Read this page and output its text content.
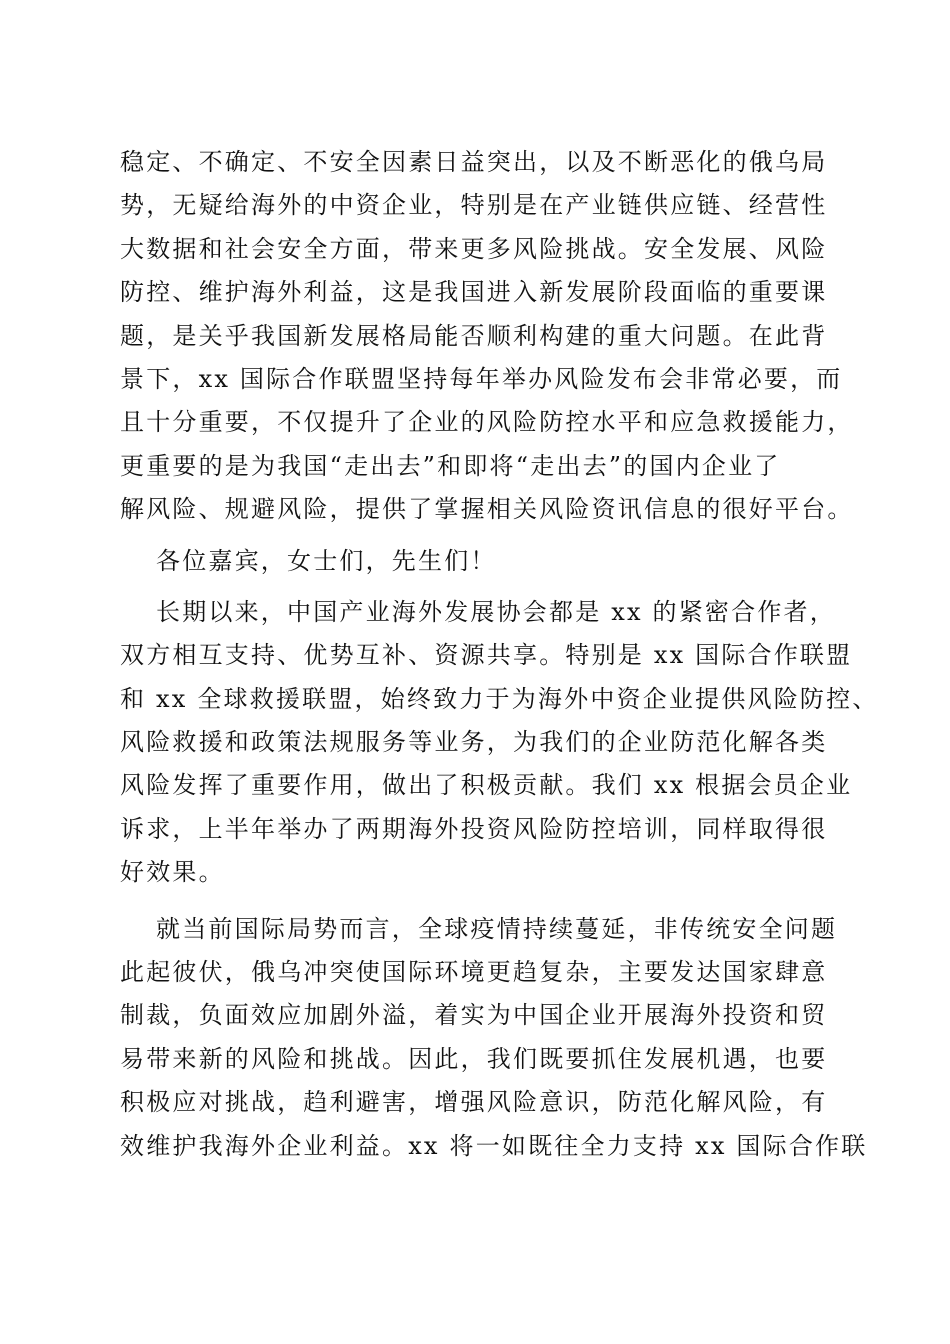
稳定、不确定、不安全因素日益突出，以及不断恶化的俄乌局
势，无疑给海外的中资企业，特别是在产业链供应链、经营性
大数据和社会安全方面，带来更多风险挑战。安全发展、风险
防控、维护海外利益，这是我国进入新发展阶段面临的重要课
题，是关乎我国新发展格局能否顺利构建的重大问题。在此背
景下，xx 国际合作联盟坚持每年举办风险发布会非常必要，而
且十分重要，不仅提升了企业的风险防控水平和应急救援能力，
更重要的是为我国“走出去”和即将“走出去”的国内企业了
解风险、规避风险，提供了掌握相关风险资讯信息的很好平台。
各位嘉宾，女士们，先生们！
长期以来，中国产业海外发展协会都是 xx 的紧密合作者，
双方相互支持、优势互补、资源共享。特别是 xx 国际合作联盟
和 xx 全球救援联盟，始终致力于为海外中资企业提供风险防控、
风险救援和政策法规服务等业务，为我们的企业防范化解各类
风险发挥了重要作用，做出了积极贡献。我们 xx 根据会员企业
诉求，上半年举办了两期海外投资风险防控培训，同样取得很
好效果。
就当前国际局势而言，全球疫情持续蔓延，非传统安全问题
此起彼伏，俄乌冲突使国际环境更趋复杂，主要发达国家肆意
制裁，负面效应加剧外溢，着实为中国企业开展海外投资和贸
易带来新的风险和挑战。因此，我们既要抓住发展机遇，也要
积极应对挑战，趋利避害，增强风险意识，防范化解风险，有
效维护我海外企业利益。xx 将一如既往全力支持 xx 国际合作联
